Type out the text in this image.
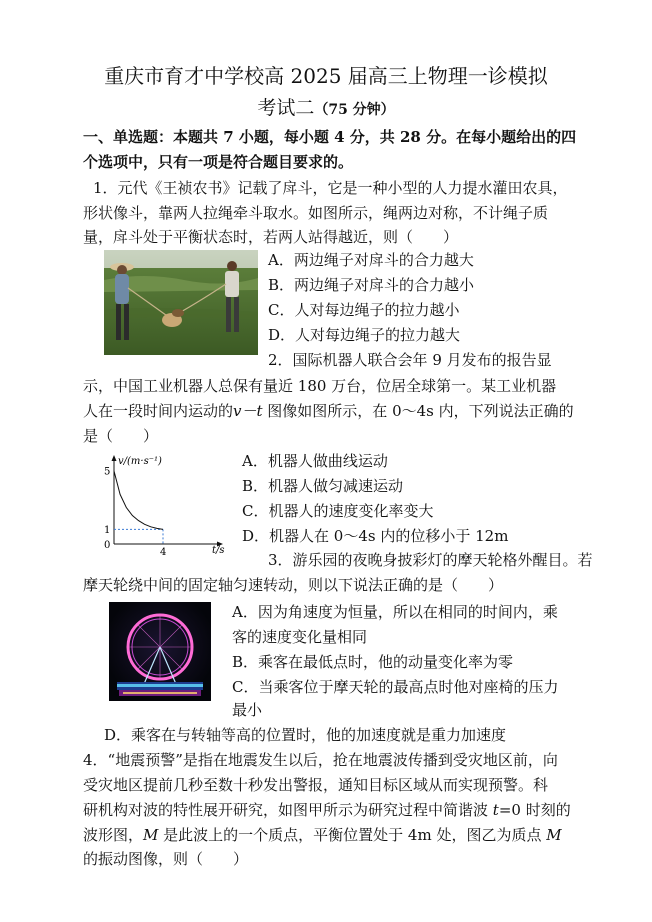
重庆市育才中学校高 2025 届高三上物理一诊模拟
考试二（75 分钟）
一、单选题：本题共 7 小题，每小题 4 分，共 28 分。在每小题给出的四
个选项中，只有一项是符合题目要求的。
1．元代《王祯农书》记载了戽斗，它是一种小型的人力提水灌田农具，
形状像斗，靠两人拉绳牵斗取水。如图所示，绳两边对称，不计绳子质
量，戽斗处于平衡状态时，若两人站得越近，则（　　）
A．两边绳子对戽斗的合力越大
B．两边绳子对戽斗的合力越小
C．人对每边绳子的拉力越小
D．人对每边绳子的拉力越大
2．国际机器人联合会年 9 月发布的报告显
示，中国工业机器人总保有量近 180 万台，位居全球第一。某工业机器
人在一段时间内运动的v－t 图像如图所示，在 0～4s 内，下列说法正确的
是（　　）
v/(m·s⁻¹)
t/s
0
5
1
4
A．机器人做曲线运动
B．机器人做匀减速运动
C．机器人的速度变化率变大
D．机器人在 0～4s 内的位移小于 12m
3．游乐园的夜晚身披彩灯的摩天轮格外醒目。若
摩天轮绕中间的固定轴匀速转动，则以下说法正确的是（　　）
A．因为角速度为恒量，所以在相同的时间内，乘
客的速度变化量相同
B．乘客在最低点时，他的动量变化率为零
C．当乘客位于摩天轮的最高点时他对座椅的压力
最小
D．乘客在与转轴等高的位置时，他的加速度就是重力加速度
4．“地震预警”是指在地震发生以后，抢在地震波传播到受灾地区前，向
受灾地区提前几秒至数十秒发出警报，通知目标区域从而实现预警。科
研机构对波的特性展开研究，如图甲所示为研究过程中简谐波 t=0 时刻的
波形图，M 是此波上的一个质点，平衡位置处于 4m 处，图乙为质点 M
的振动图像，则（　　）
